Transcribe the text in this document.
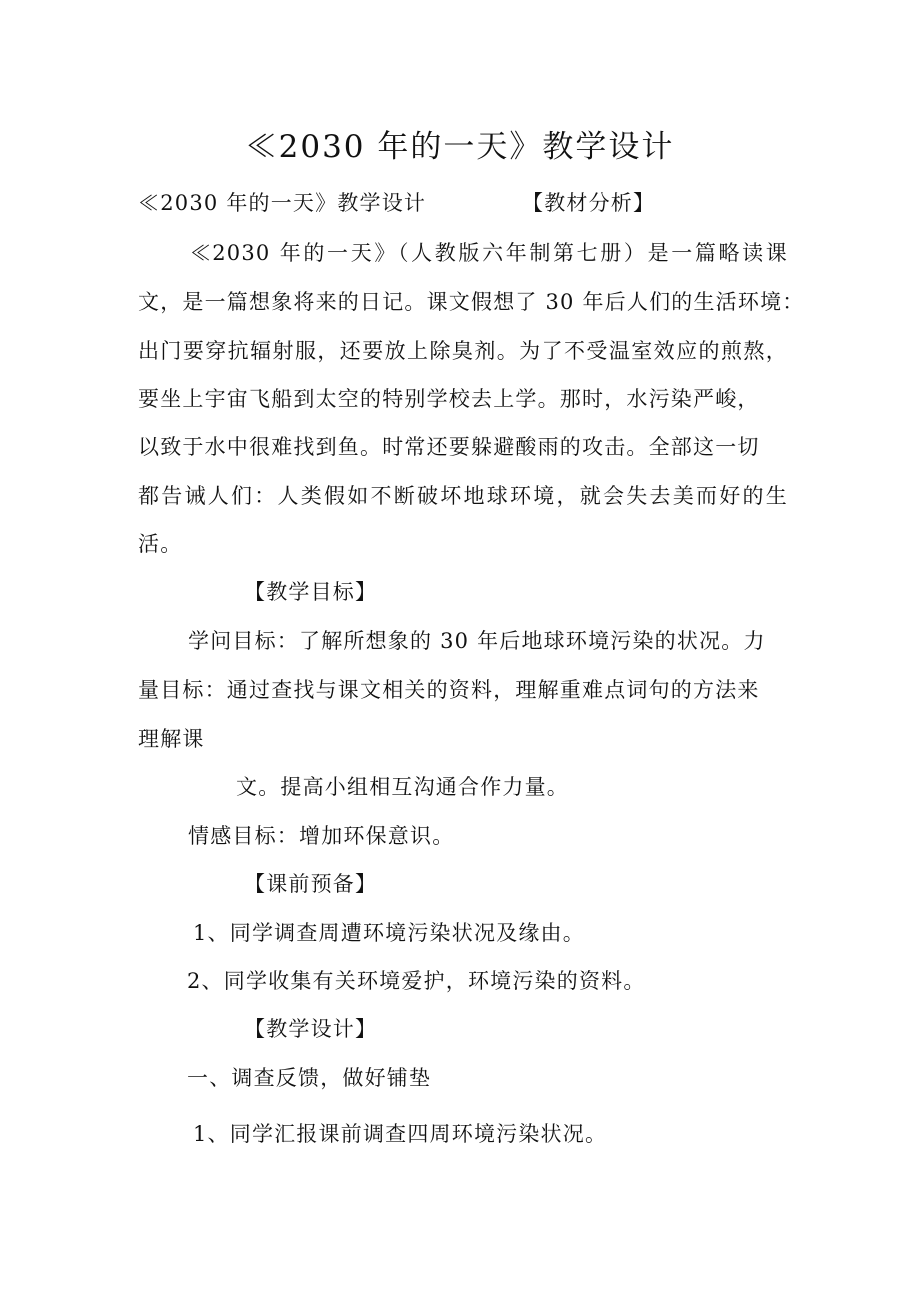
≪2030 年的一天》教学设计
≪2030 年的一天》教学设计	【教材分析】
≪2030 年的一天》（人教版六年制第七册）是一篇略读课
文，是一篇想象将来的日记。课文假想了 30 年后人们的生活环境：
出门要穿抗辐射服，还要放上除臭剂。为了不受温室效应的煎熬，
要坐上宇宙飞船到太空的特别学校去上学。那时，水污染严峻，
以致于水中很难找到鱼。时常还要躲避酸雨的攻击。全部这一切
都告诫人们：人类假如不断破坏地球环境，就会失去美而好的生
活。
【教学目标】
学问目标：了解所想象的 30 年后地球环境污染的状况。力
量目标：通过查找与课文相关的资料，理解重难点词句的方法来
理解课
文。提高小组相互沟通合作力量。
情感目标：增加环保意识。
【课前预备】
1、同学调查周遭环境污染状况及缘由。
2、同学收集有关环境爱护，环境污染的资料。
【教学设计】
一、调查反馈，做好铺垫
1、同学汇报课前调查四周环境污染状况。
